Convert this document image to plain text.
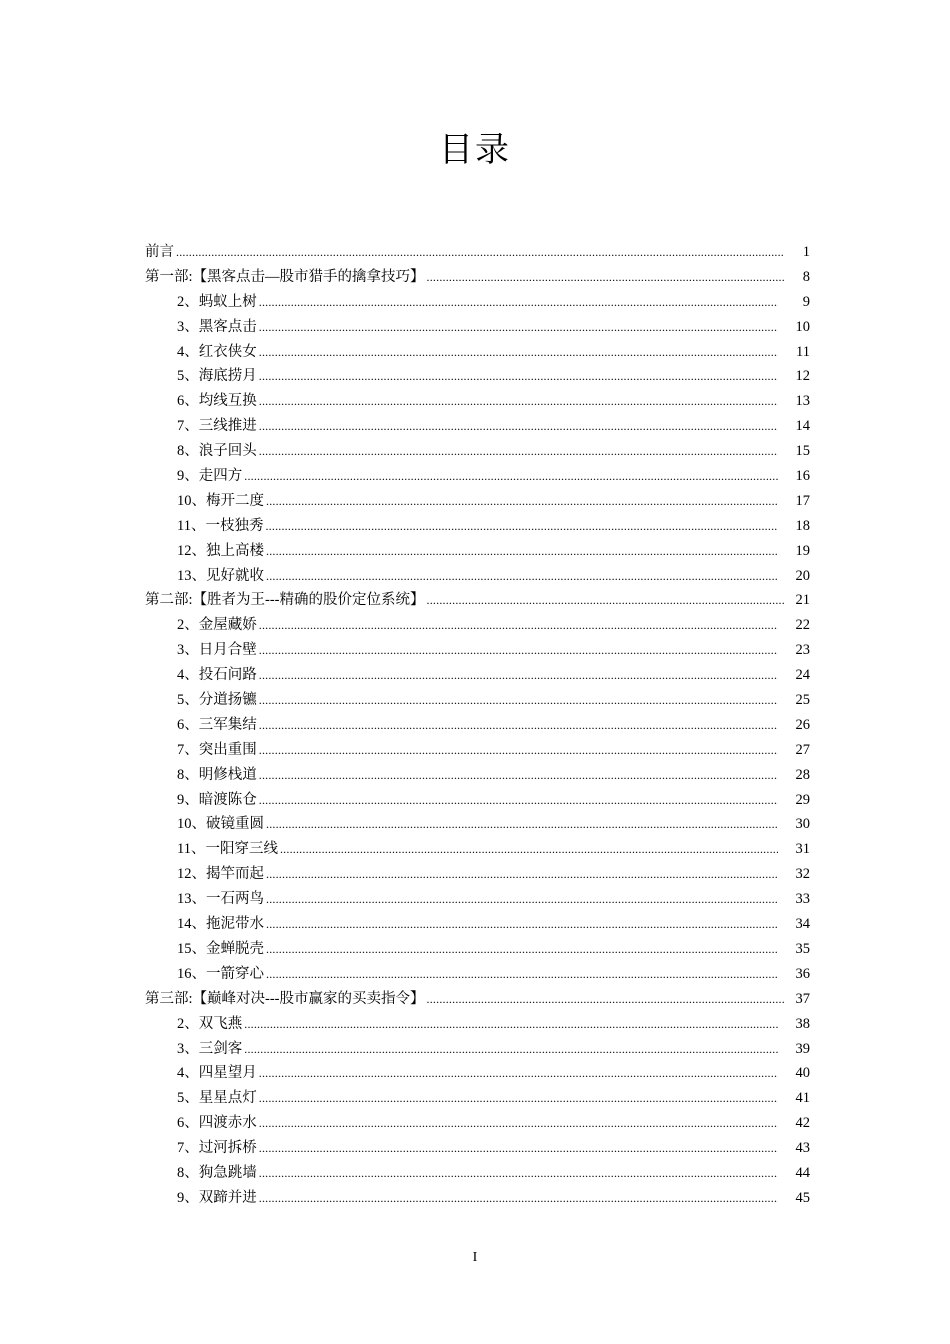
目录
前言 .....	1
第一部:【黑客点击—股市猎手的擒拿技巧】 .....	8
2、蚂蚁上树 .....	9
3、黑客点击 .....	10
4、红衣侠女 .....	11
5、海底捞月 .....	12
6、均线互换 .....	13
7、三线推进 .....	14
8、浪子回头 .....	15
9、走四方 .....	16
10、梅开二度 .....	17
11、一枝独秀 .....	18
12、独上高楼 .....	19
13、见好就收 .....	20
第二部:【胜者为王---精确的股价定位系统】 .....	21
2、金屋藏娇 .....	22
3、日月合壁 .....	23
4、投石问路 .....	24
5、分道扬镳 .....	25
6、三军集结 .....	26
7、突出重围 .....	27
8、明修栈道 .....	28
9、暗渡陈仓 .....	29
10、破镜重圆 .....	30
11、一阳穿三线 .....	31
12、揭竿而起 .....	32
13、一石两鸟 .....	33
14、拖泥带水 .....	34
15、金蝉脱壳 .....	35
16、一箭穿心 .....	36
第三部:【巅峰对决---股市赢家的买卖指令】 .....	37
2、双飞燕 .....	38
3、三剑客 .....	39
4、四星望月 .....	40
5、星星点灯 .....	41
6、四渡赤水 .....	42
7、过河拆桥 .....	43
8、狗急跳墙 .....	44
9、双蹄并进 .....	45
I
